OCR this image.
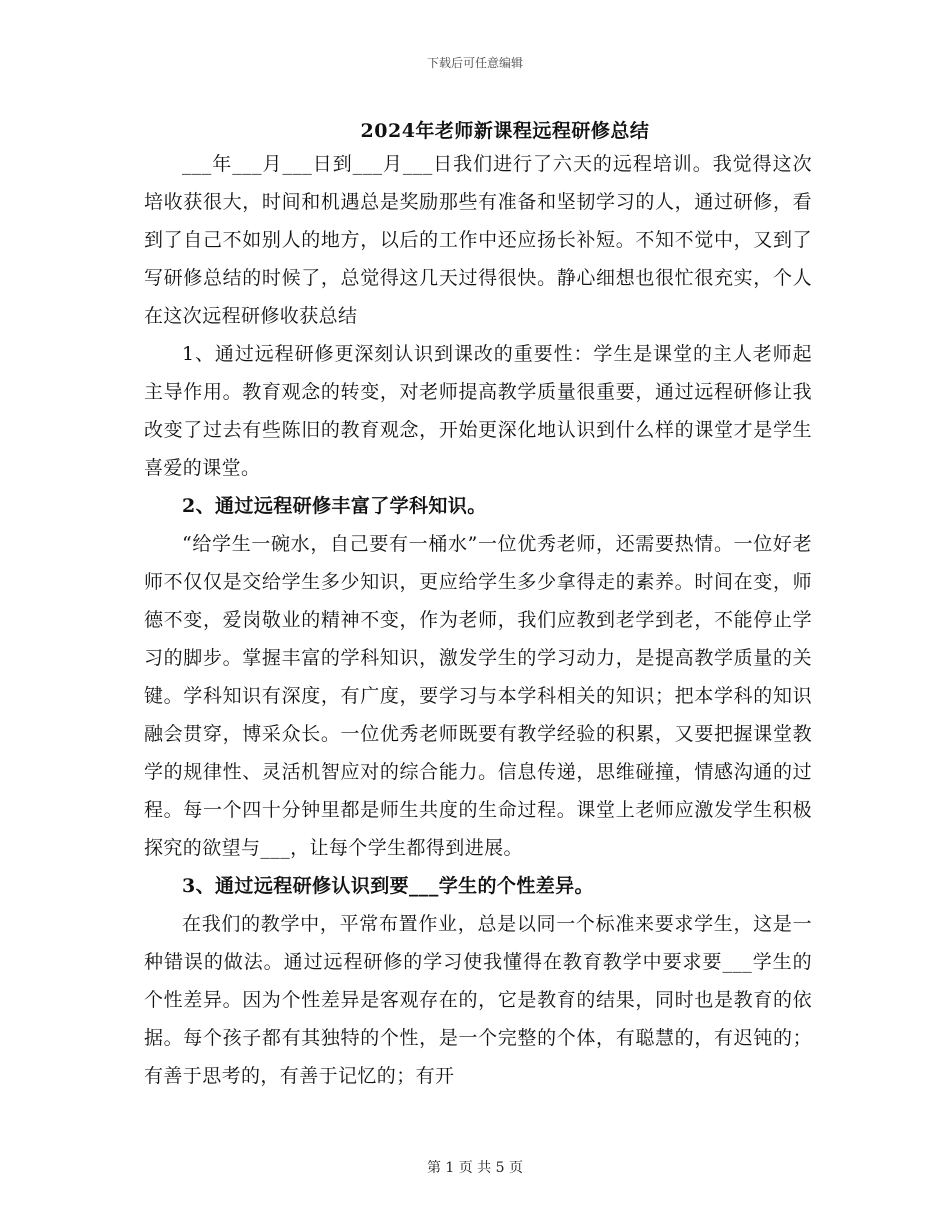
下载后可任意编辑
2024年老师新课程远程研修总结

___年___月___日到___月___日我们进行了六天的远程培训。我觉得这次培收获很大，时间和机遇总是奖励那些有准备和坚韧学习的人，通过研修，看到了自己不如别人的地方，以后的工作中还应扬长补短。不知不觉中，又到了写研修总结的时候了，总觉得这几天过得很快。静心细想也很忙很充实，个人在这次远程研修收获总结

1、通过远程研修更深刻认识到课改的重要性：学生是课堂的主人老师起主导作用。教育观念的转变，对老师提高教学质量很重要，通过远程研修让我改变了过去有些陈旧的教育观念，开始更深化地认识到什么样的课堂才是学生喜爱的课堂。

2、通过远程研修丰富了学科知识。

“给学生一碗水，自己要有一桶水”一位优秀老师，还需要热情。一位好老师不仅仅是交给学生多少知识，更应给学生多少拿得走的素养。时间在变，师德不变，爱岗敬业的精神不变，作为老师，我们应教到老学到老，不能停止学习的脚步。掌握丰富的学科知识，激发学生的学习动力，是提高教学质量的关键。学科知识有深度，有广度，要学习与本学科相关的知识；把本学科的知识融会贯穿，博采众长。一位优秀老师既要有教学经验的积累，又要把握课堂教学的规律性、灵活机智应对的综合能力。信息传递，思维碰撞，情感沟通的过程。每一个四十分钟里都是师生共度的生命过程。课堂上老师应激发学生积极探究的欲望与___，让每个学生都得到进展。

3、通过远程研修认识到要___学生的个性差异。

在我们的教学中，平常布置作业，总是以同一个标准来要求学生，这是一种错误的做法。通过远程研修的学习使我懂得在教育教学中要求要___学生的个性差异。因为个性差异是客观存在的，它是教育的结果，同时也是教育的依据。每个孩子都有其独特的个性，是一个完整的个体，有聪慧的，有迟钝的；有善于思考的，有善于记忆的；有开

第 1 页 共 5 页
